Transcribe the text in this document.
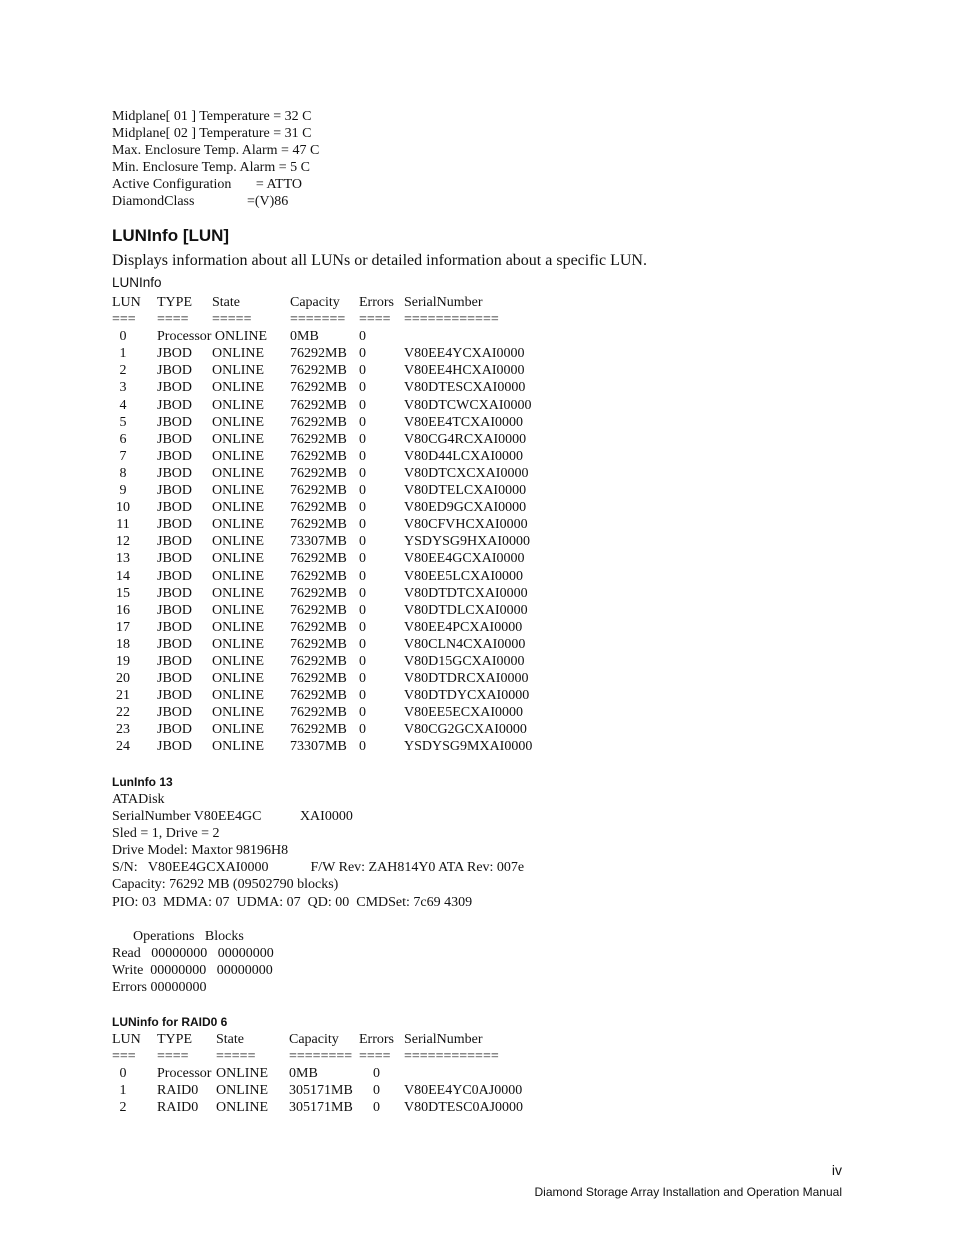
Midplane[ 01 ] Temperature = 32 C
Midplane[ 02 ] Temperature = 31 C
Max. Enclosure Temp. Alarm = 47 C
Min. Enclosure Temp. Alarm = 5 C
Active Configuration       = ATTO
DiamondClass               =(V)86
LUNInfo [LUN]
Displays information about all LUNs or detailed information about a specific LUN.
LUNInfo
LUN TYPE State	Capacity Errors SerialNumber
=== ==== =====	======= ==== ============
0	Processor ONLINE 0MB	0
1	JBOD ONLINE 76292MB 0	V80EE4YCXAI0000
2	JBOD ONLINE 76292MB 0	V80EE4HCXAI0000
3	JBOD ONLINE 76292MB 0	V80DTESCXAI0000
4	JBOD ONLINE 76292MB 0	V80DTCWCXAI0000
5	JBOD ONLINE 76292MB 0	V80EE4TCXAI0000
6	JBOD ONLINE 76292MB 0	V80CG4RCXAI0000
7	JBOD ONLINE 76292MB 0	V80D44LCXAI0000
8	JBOD ONLINE 76292MB 0	V80DTCXCXAI0000
9	JBOD ONLINE 76292MB 0	V80DTELCXAI0000
10 JBOD ONLINE 76292MB 0	V80ED9GCXAI0000
11	JBOD ONLINE 76292MB 0	V80CFVHCXAI0000
12 JBOD ONLINE 73307MB 0	YSDYSG9HXAI0000
13 JBOD ONLINE 76292MB 0	V80EE4GCXAI0000
14 JBOD ONLINE 76292MB 0	V80EE5LCXAI0000
15 JBOD ONLINE 76292MB 0	V80DTDTCXAI0000
16 JBOD ONLINE 76292MB 0	V80DTDLCXAI0000
17 JBOD ONLINE 76292MB 0	V80EE4PCXAI0000
18 JBOD ONLINE 76292MB 0	V80CLN4CXAI0000
19 JBOD ONLINE 76292MB 0	V80D15GCXAI0000
20 JBOD ONLINE 76292MB 0	V80DTDRCXAI0000
21 JBOD ONLINE 76292MB 0	V80DTDYCXAI0000
22 JBOD ONLINE 76292MB 0	V80EE5ECXAI0000
23 JBOD ONLINE 76292MB 0	V80CG2GCXAI0000
24 JBOD ONLINE 73307MB 0	YSDYSG9MXAI0000
LunInfo 13
ATADisk
SerialNumber V80EE4GC           XAI0000
Sled = 1, Drive = 2
Drive Model: Maxtor 98196H8
S/N:   V80EE4GCXAI0000            F/W Rev: ZAH814Y0 ATA Rev: 007e
Capacity: 76292 MB (09502790 blocks)
PIO: 03  MDMA: 07  UDMA: 07  QD: 00  CMDSet: 7c69 4309
Operations   Blocks
Read   00000000   00000000
Write  00000000   00000000
Errors 00000000
LUNinfo for RAID0 6
LUN TYPE State	Capacity Errors SerialNumber
=== ==== ===== ======== ==== ============
0	Processor ONLINE 0MB	0
1	RAID0 ONLINE 305171MB 0 V80EE4YC0AJ0000
2	RAID0 ONLINE 305171MB 0 V80DTESC0AJ0000
iv
Diamond Storage Array Installation and Operation Manual
